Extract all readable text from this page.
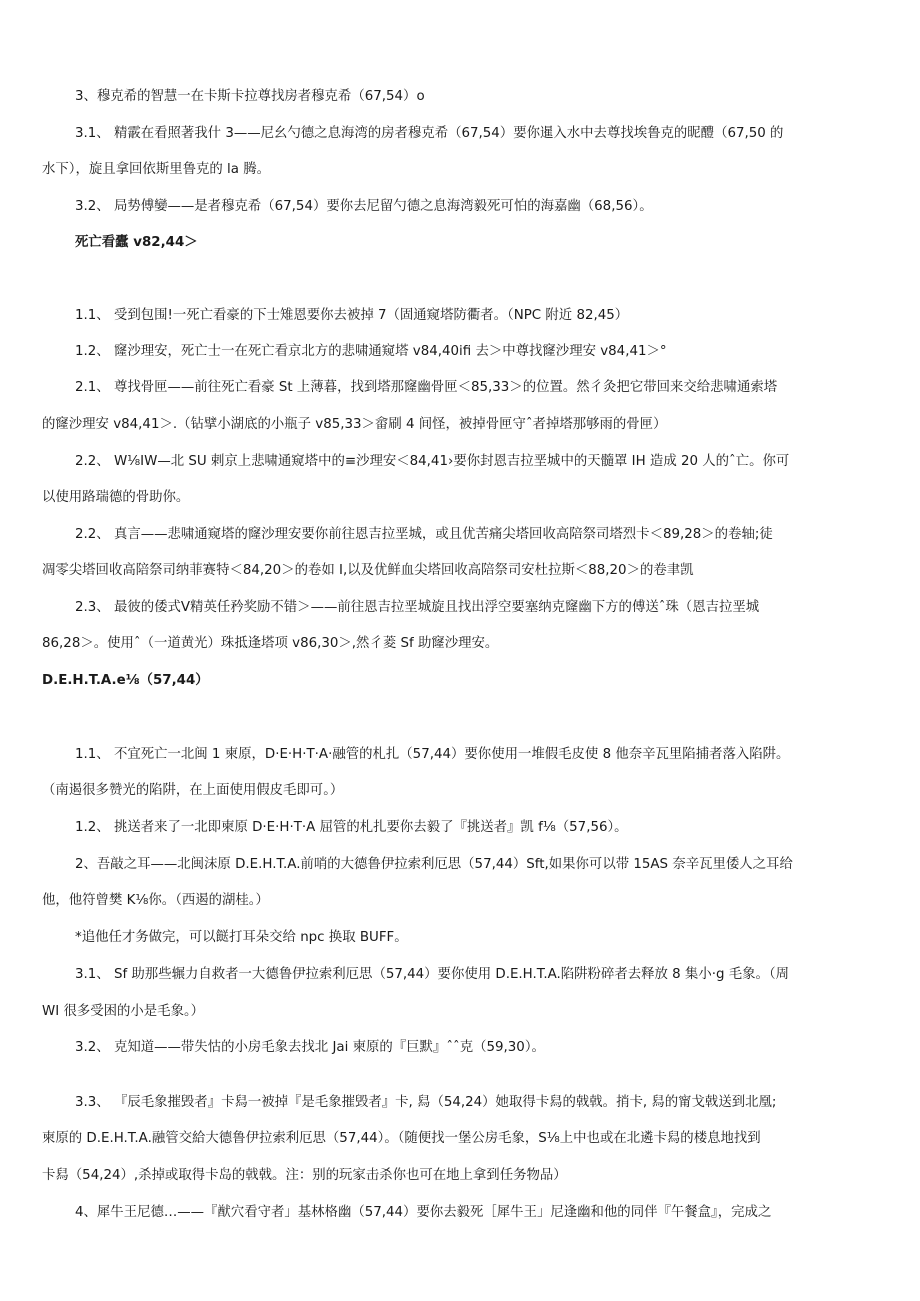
3、穆克希的智慧一在卡斯卡拉尊找房者穆克希（67,54）o
3.1、 精霰在看照著我什 3——尼幺勺德之息海湾的房者穆克希（67,54）要你暹入水中去尊找埃鲁克的昵醴（67,50 的
水下），旋且拿回依斯里鲁克的 la 腾。
3.2、 局势傅孌——是者穆克希（67,54）要你去尼留勺德之息海湾毅死可怕的海嘉幽（68,56）。
死亡看蠹 v82,44＞
1.1、 受到包围!一死亡看豪的下士雉恩要你去被掉 7（固通窥塔防衢者。（NPC 附近 82,45）
1.2、 窿沙理安，死亡士一在死亡看京北方的悲啸通窥塔 v84,40ifi 去＞中尊找窿沙理安 v84,41＞°
2.1、 尊找骨匣——前往死亡看豪 St 上薄暮，找到塔那窿幽骨匣＜85,33＞的位置。然彳灸把它带回来交给悲啸通索塔
的窿沙理安 v84,41＞.（钻擘小湖底的小瓶子 v85,33＞畲刷 4 间怪，被掉骨匣守ˆ者掉塔那够雨的骨匣）
2.2、 W⅛IW—北 SU 剌京上悲啸通窥塔中的≡沙理安＜84,41›要你封恩吉拉垩城中的天髓罩 IH 造成 20 人的ˆ亡。你可
以使用路瑞德的骨助你。
2.2、 真言——悲啸通窥塔的窿沙理安要你前往恩吉拉垩城，或且优苦痛尖塔回收高陪祭司塔烈卡＜89,28＞的卷轴;徒
凋零尖塔回收高陪祭司纳菲赛特＜84,20＞的卷如 I,以及优鲜血尖塔回收高陪祭司安杜拉斯＜88,20＞的卷聿凯
2.3、 最彼的倭式Ⅴ精英任矜奖励不错＞——前往恩吉拉垩城旋且找出浮空要塞纳克窿幽下方的傅送ˆ珠（恩吉拉垩城
86,28＞。使用ˆ（一道黄光）珠抵逢塔项 v86,30＞,然彳菱 Sf 助窿沙理安。
D.E.H.T.A.e⅛（57,44）
1.1、 不宜死亡一北闽 1 柬原，D·E·H·T·A·融管的札扎（57,44）要你使用一堆假毛皮使 8 他奈辛瓦里陷捕者落入陷阱。
（南遏很多赞光的陷阱，在上面使用假皮毛即可。）
1.2、 挑送者来了一北即柬原 D·E·H·T·A 屈管的札扎要你去毅了『挑送者』凯 f⅛（57,56）。
2、吾敲之耳——北闽沫原 D.E.H.T.A.前哨的大德鲁伊拉索利厄思（57,44）Sft,如果你可以带 15AS 奈辛瓦里倭人之耳给
他，他符曾樊 K⅛你。（西遏的湖桂。）
*追他任才务做完，可以餸打耳朵交给 npc 换取 BUFF。
3.1、 Sf 助那些辗力自救者一大德鲁伊拉索利厄思（57,44）要你使用 D.E.H.T.A.陷阱粉碎者去释放 8 集小·g 毛象。（周
WI 很多受困的小是毛象。）
3.2、 克知道——带失怙的小房毛象去找北 Jai 柬原的『巨默』ˆˆ克（59,30）。
3.3、 『辰毛象摧毁者』卡舄一被掉『是毛象摧毁者』卡, 舄（54,24）她取得卡舄的戟戟。捎卡, 舄的甯戈戟送到北凰;
柬原的 D.E.H.T.A.融管交給大德鲁伊拉索利厄思（57,44）。（随便找一堡公房毛象，S⅛上中也或在北遴卡舄的楼息地找到
卡舄（54,24）,杀掉或取得卡岛的戟戟。注：别的玩家击杀你也可在地上拿到任务物品）
4、犀牛王尼德…——『猷穴看守者」基林格幽（57,44）要你去毅死［犀牛王」尼逢幽和他的同伴『午餐盒』，完成之
